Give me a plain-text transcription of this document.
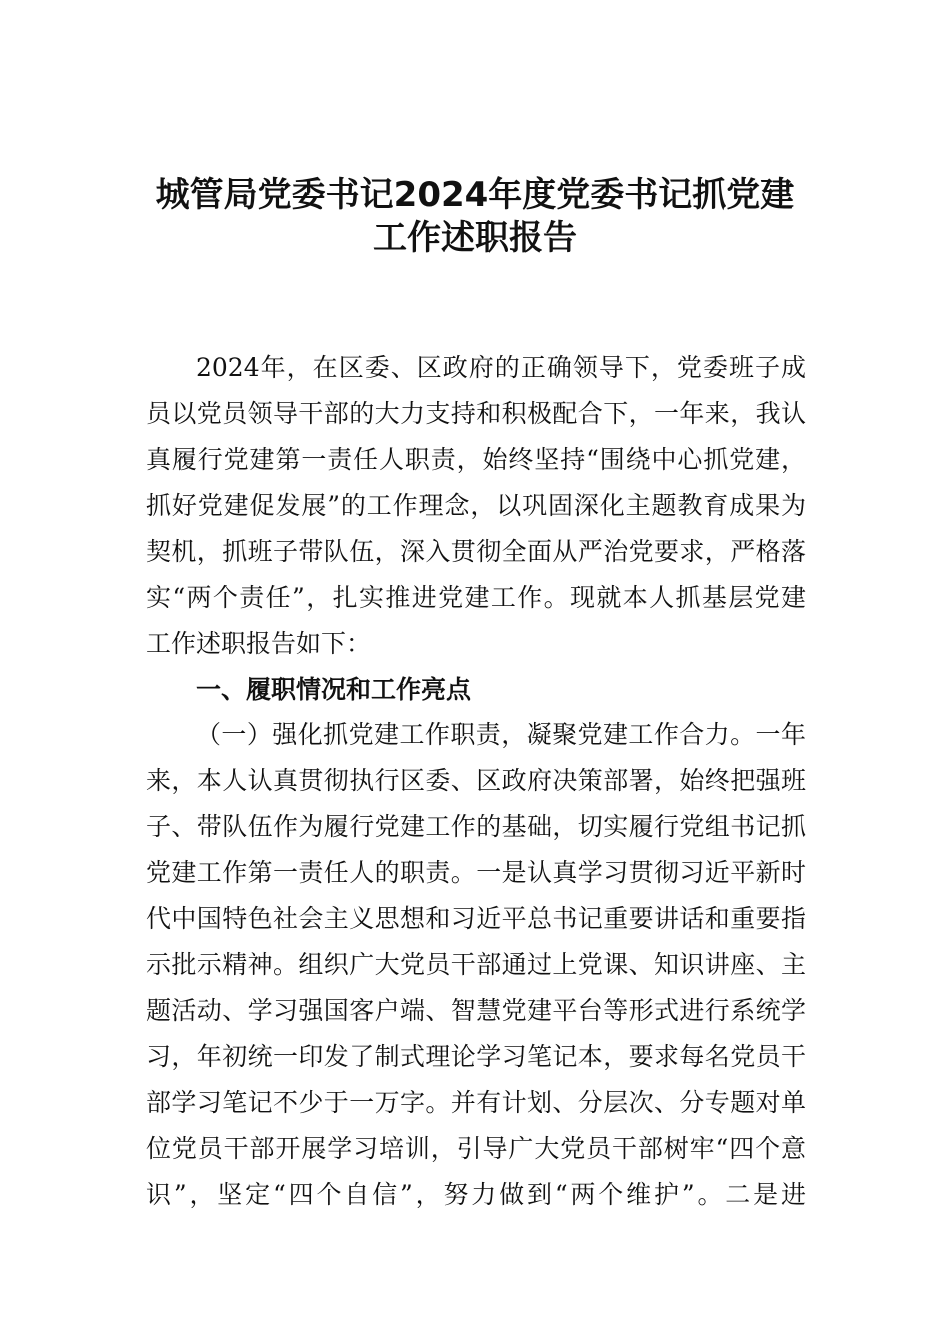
城管局党委书记2024年度党委书记抓党建
工作述职报告
2024年，在区委、区政府的正确领导下，党委班子成
员以党员领导干部的大力支持和积极配合下，一年来，我认
真履行党建第一责任人职责，始终坚持“围绕中心抓党建，
抓好党建促发展”的工作理念，以巩固深化主题教育成果为
契机，抓班子带队伍，深入贯彻全面从严治党要求，严格落
实“两个责任”，扎实推进党建工作。现就本人抓基层党建
工作述职报告如下：
一、履职情况和工作亮点
（一）强化抓党建工作职责，凝聚党建工作合力。一年
来，本人认真贯彻执行区委、区政府决策部署，始终把强班
子、带队伍作为履行党建工作的基础，切实履行党组书记抓
党建工作第一责任人的职责。一是认真学习贯彻习近平新时
代中国特色社会主义思想和习近平总书记重要讲话和重要指
示批示精神。组织广大党员干部通过上党课、知识讲座、主
题活动、学习强国客户端、智慧党建平台等形式进行系统学
习，年初统一印发了制式理论学习笔记本，要求每名党员干
部学习笔记不少于一万字。并有计划、分层次、分专题对单
位党员干部开展学习培训，引导广大党员干部树牢“四个意
识”，坚定“四个自信”，努力做到“两个维护”。二是进
